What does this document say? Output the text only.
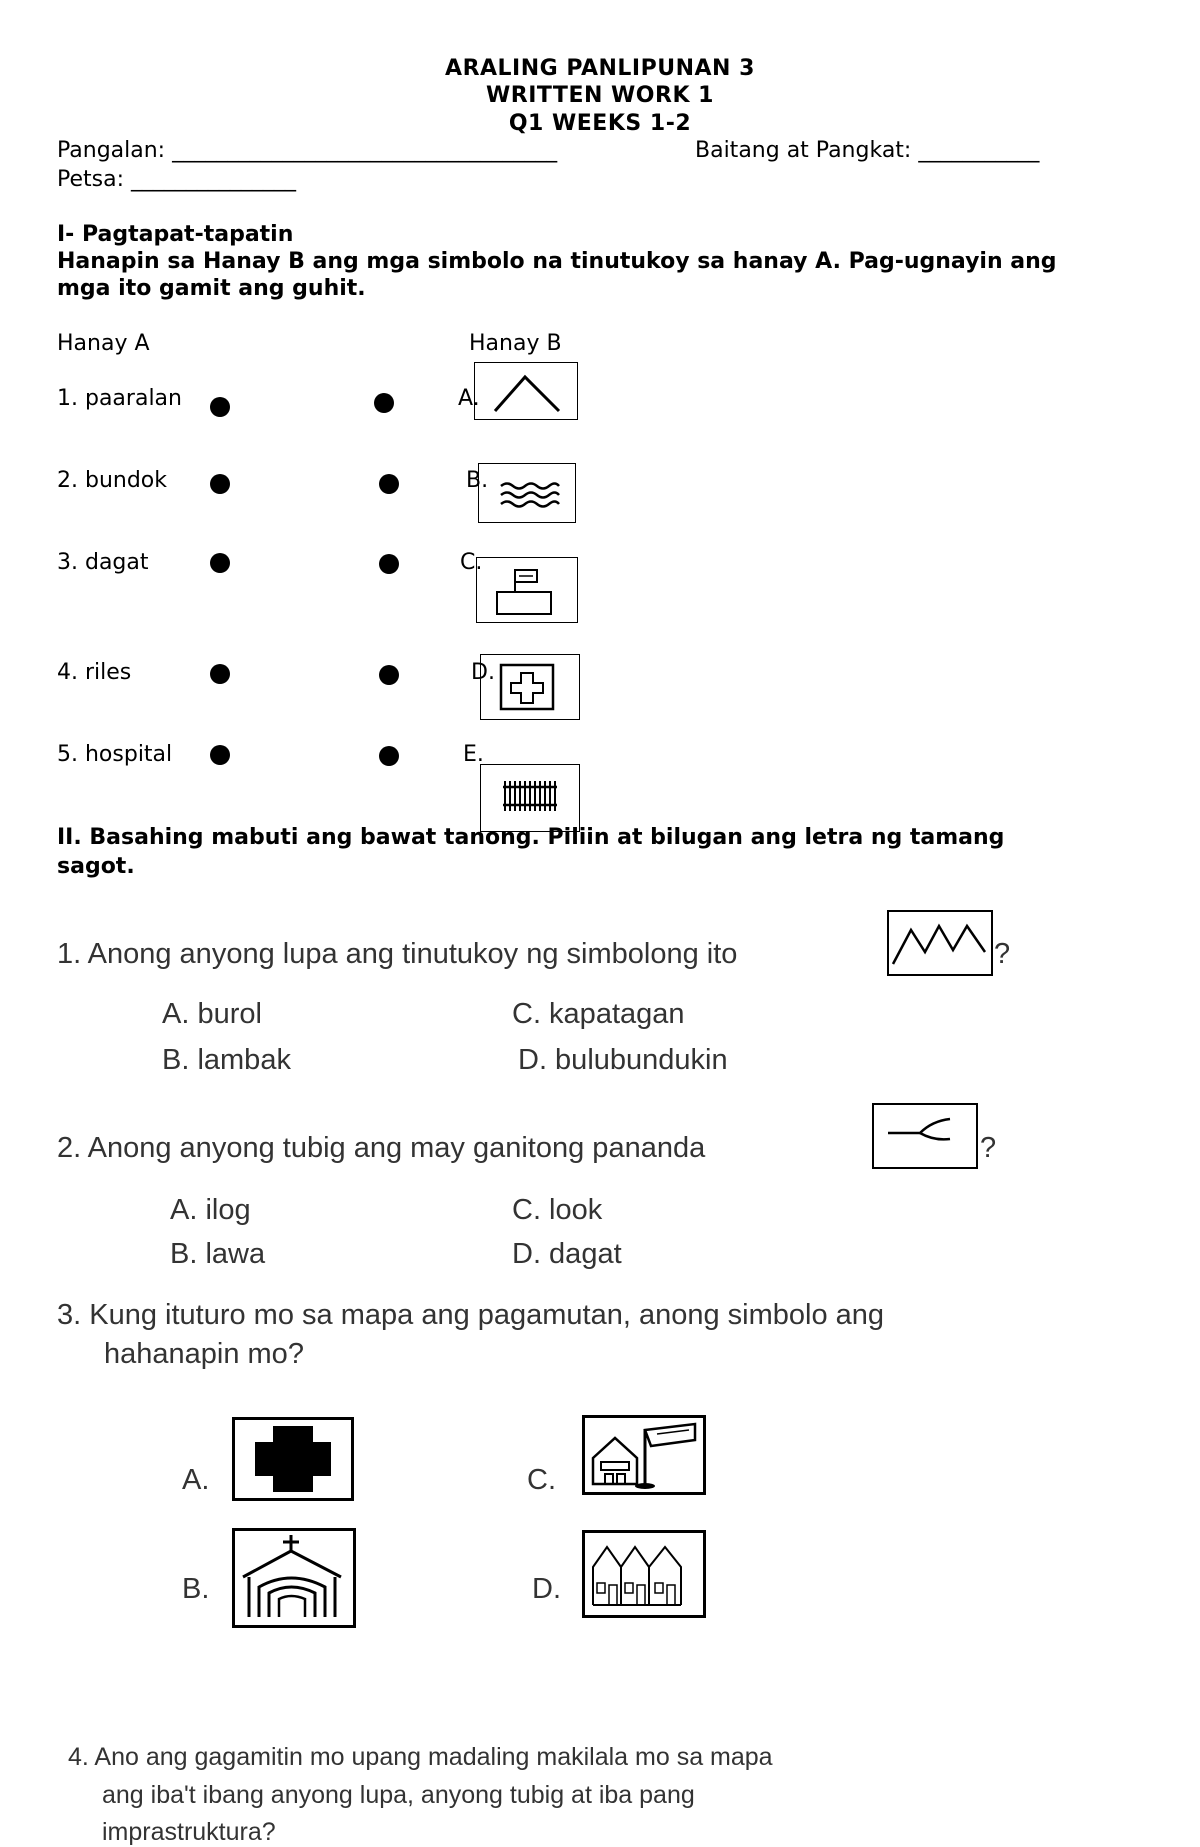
ARALING PANLIPUNAN 3
WRITTEN WORK 1
Q1 WEEKS 1-2
Pangalan: ___________________________________	Baitang at Pangkat: ___________
Petsa: _______________
I- Pagtapat-tapatin
Hanapin sa Hanay B ang mga simbolo na tinutukoy sa hanay A. Pag-ugnayin ang
mga ito gamit ang guhit.
Hanay A	Hanay B
1. paaralan
2. bundok
3. dagat
4. riles
5. hospital
A.
B.
C.
D.
E.
II. Basahing mabuti ang bawat tanong. Piliin at bilugan ang letra ng tamang
sagot.
1. Anong anyong lupa ang tinutukoy ng simbolong ito	?
A. burol	C. kapatagan
B. lambak	D. bulubundukin
2. Anong anyong tubig ang may ganitong pananda	?
A. ilog	C. look
B. lawa	D. dagat
3. Kung ituturo mo sa mapa ang pagamutan, anong simbolo ang
hahanapin mo?
A.	C.
B.	D.
4. Ano ang gagamitin mo upang madaling makilala mo sa mapa
ang iba't ibang anyong lupa, anyong tubig at iba pang
imprastruktura?
